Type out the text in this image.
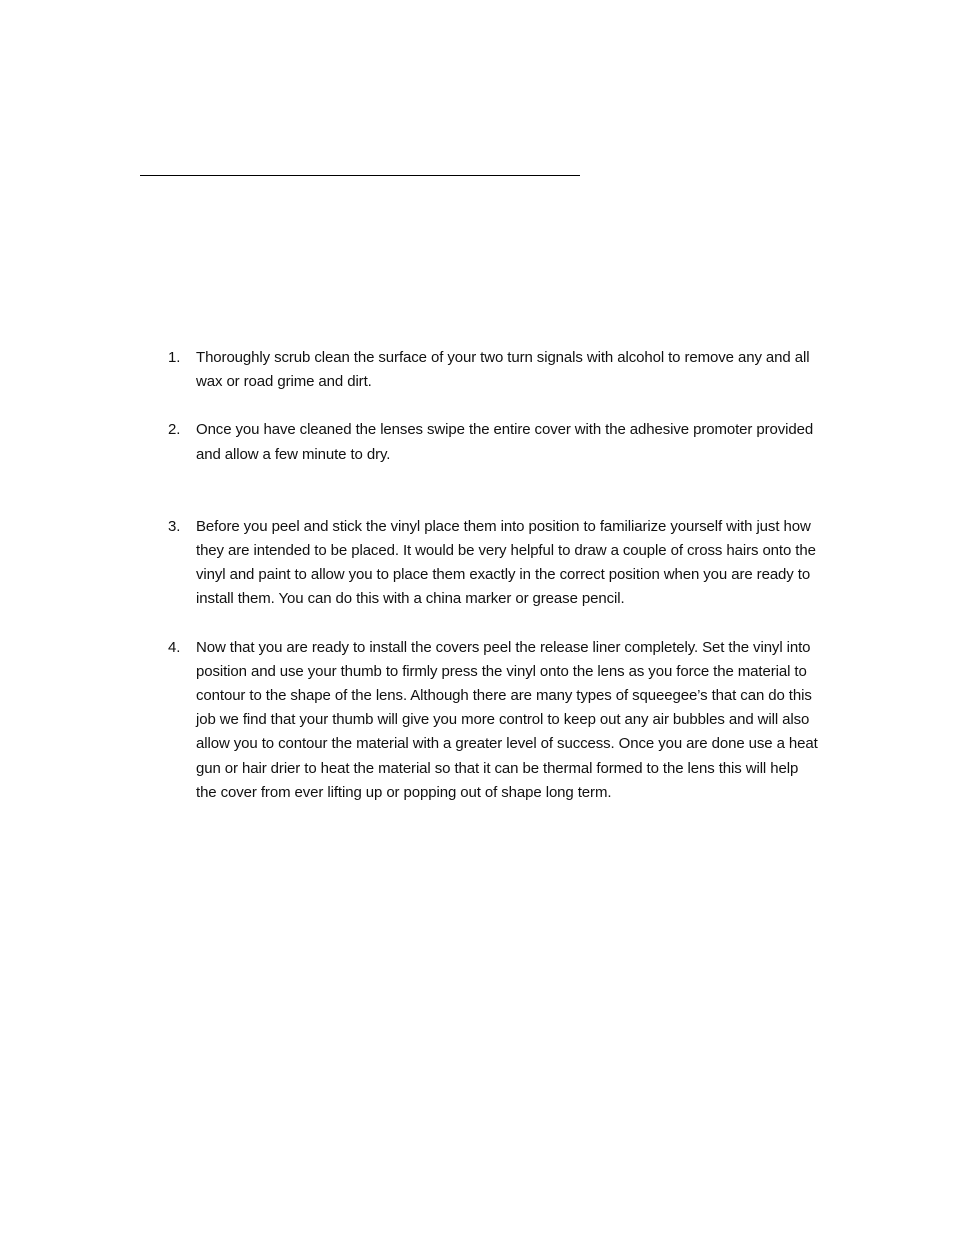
1.	Thoroughly scrub clean the surface of your two turn signals with alcohol to remove any and all wax or road grime and dirt.
2.	Once you have cleaned the lenses swipe the entire cover with the adhesive promoter provided and allow a few minute to dry.
3.	Before you peel and stick the vinyl place them into position to familiarize yourself with just how they are intended to be placed. It would be very helpful to draw a couple of cross hairs onto the vinyl and paint to allow you to place them exactly in the correct position when you are ready to install them. You can do this with a china marker or grease pencil.
4.	Now that you are ready to install the covers peel the release liner completely. Set the vinyl into position and use your thumb to firmly press the vinyl onto the lens as you force the material to contour to the shape of the lens. Although there are many types of squeegee’s that can do this job we find that your thumb will give you more control to keep out any air bubbles and will also allow you to contour the material with a greater level of success. Once you are done use a heat gun or hair drier to heat the material so that it can be thermal formed to the lens this will help the cover from ever lifting up or popping out of shape long term.
